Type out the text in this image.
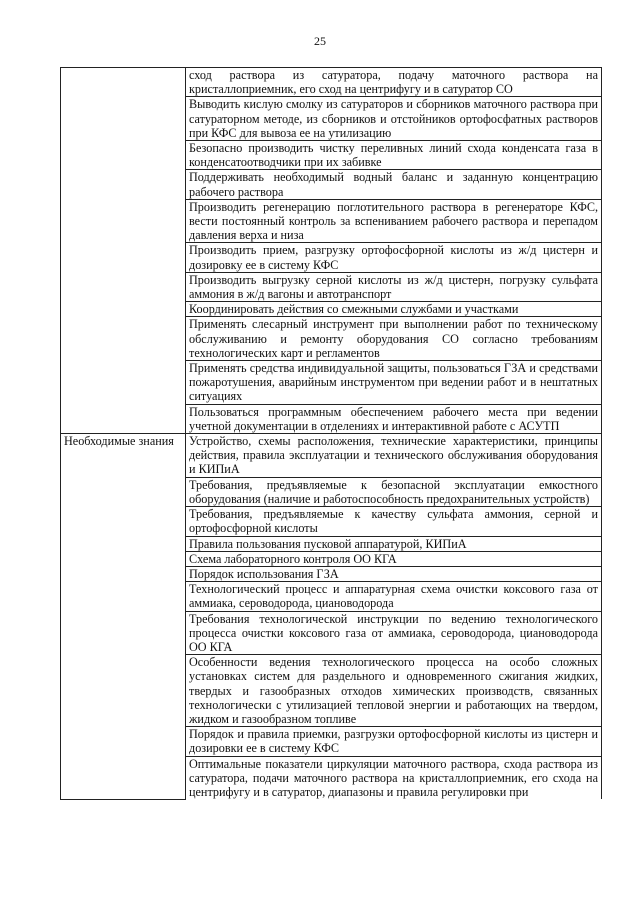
25

	сход раствора из сатуратора, подачу маточного раствора на кристаллоприемник, его сход на центрифугу и в сатуратор СО

	Выводить кислую смолку из сатураторов и сборников маточного раствора при сатураторном методе, из сборников и отстойников ортофосфатных растворов при КФС для вывоза ее на утилизацию

	Безопасно производить чистку переливных линий схода конденсата газа в конденсатоотводчики при их забивке

	Поддерживать необходимый водный баланс и заданную концентрацию рабочего раствора

	Производить регенерацию поглотительного раствора в регенераторе КФС, вести постоянный контроль за вспениванием рабочего раствора и перепадом давления верха и низа

	Производить прием, разгрузку ортофосфорной кислоты из ж/д цистерн и дозировку ее в систему КФС

	Производить выгрузку серной кислоты из ж/д цистерн, погрузку сульфата аммония в ж/д вагоны и автотранспорт

	Координировать действия со смежными службами и участками

	Применять слесарный инструмент при выполнении работ по техническому обслуживанию и ремонту оборудования СО согласно требованиям технологических карт и регламентов

	Применять средства индивидуальной защиты, пользоваться ГЗА и средствами пожаротушения, аварийным инструментом при ведении работ и в нештатных ситуациях

	Пользоваться программным обеспечением рабочего места при ведении учетной документации в отделениях и интерактивной работе с АСУТП

Необходимые знания	Устройство, схемы расположения, технические характеристики, принципы действия, правила эксплуатации и технического обслуживания оборудования и КИПиА

	Требования, предъявляемые к безопасной эксплуатации емкостного оборудования (наличие и работоспособность предохранительных устройств)

	Требования, предъявляемые к качеству сульфата аммония, серной и ортофосфорной кислоты

	Правила пользования пусковой аппаратурой, КИПиА

	Схема лабораторного контроля ОО КГА

	Порядок использования ГЗА

	Технологический процесс и аппаратурная схема очистки коксового газа от аммиака, сероводорода, циановодорода

	Требования технологической инструкции по ведению технологического процесса очистки коксового газа от аммиака, сероводорода, циановодорода ОО КГА

	Особенности ведения технологического процесса на особо сложных установках систем для раздельного и одновременного сжигания жидких, твердых и газообразных отходов химических производств, связанных технологически с утилизацией тепловой энергии и работающих на твердом, жидком и газообразном топливе

	Порядок и правила приемки, разгрузки ортофосфорной кислоты из цистерн и дозировки ее в систему КФС

	Оптимальные показатели циркуляции маточного раствора, схода раствора из сатуратора, подачи маточного раствора на кристаллоприемник, его схода на центрифугу и в сатуратор, диапазоны и правила регулировки при
